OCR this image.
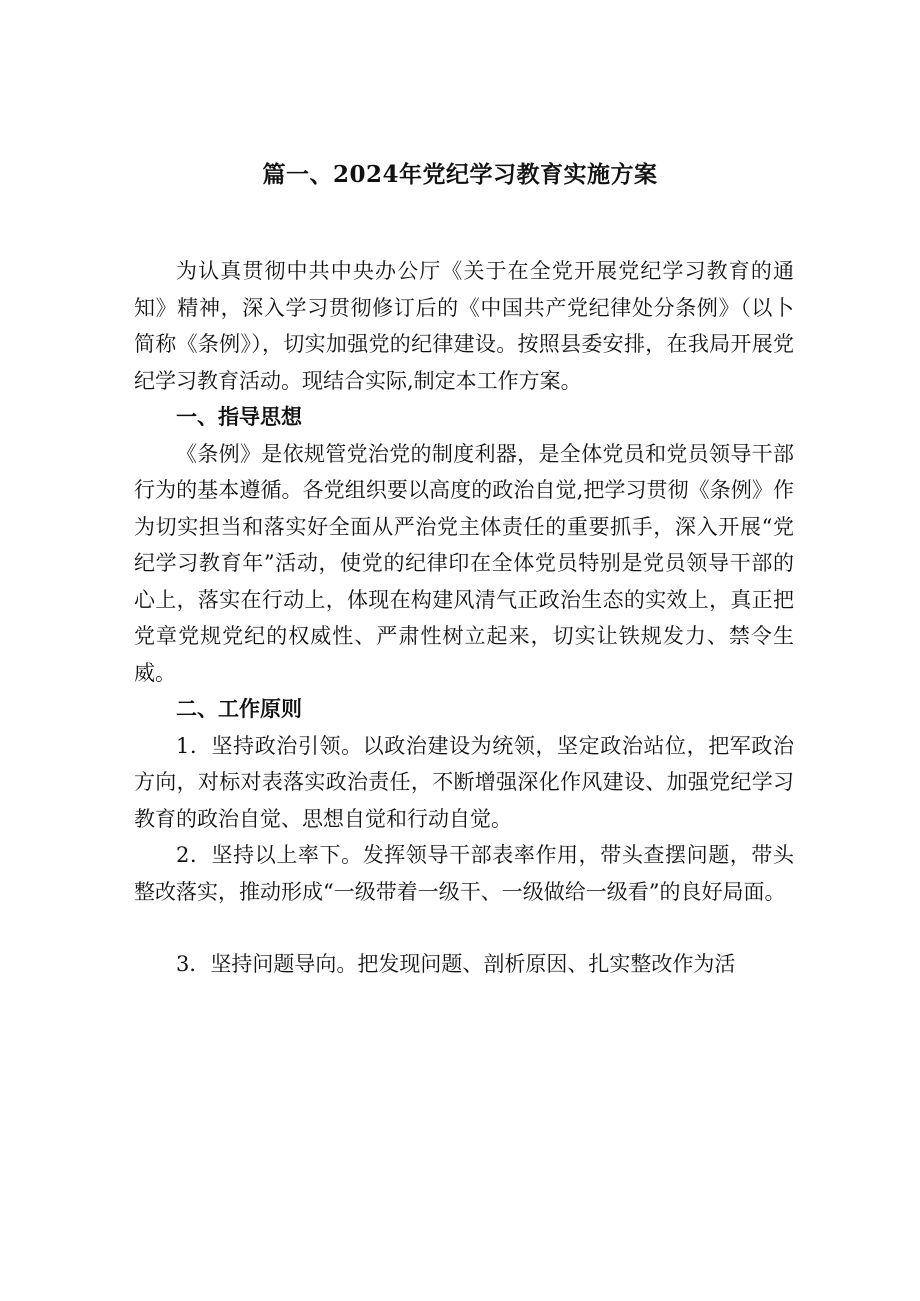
篇一、2024年党纪学习教育实施方案

为认真贯彻中共中央办公厅《关于在全党开展党纪学习教育的通知》精神，深入学习贯彻修订后的《中国共产党纪律处分条例》（以卜简称《条例》），切实加强党的纪律建设。按照县委安排，在我局开展党纪学习教育活动。现结合实际,制定本工作方案。

一、指导思想

《条例》是依规管党治党的制度利器，是全体党员和党员领导干部行为的基本遵循。各党组织要以高度的政治自觉,把学习贯彻《条例》作为切实担当和落实好全面从严治党主体责任的重要抓手，深入开展“党纪学习教育年”活动，使党的纪律印在全体党员特别是党员领导干部的心上，落实在行动上，体现在构建风清气正政治生态的实效上，真正把党章党规党纪的权威性、严肃性树立起来，切实让铁规发力、禁令生威。

二、工作原则

1．坚持政治引领。以政治建设为统领，坚定政治站位，把军政治方向，对标对表落实政治责任，不断增强深化作风建设、加强党纪学习教育的政治自觉、思想自觉和行动自觉。

2．坚持以上率下。发挥领导干部表率作用，带头查摆问题，带头整改落实，推动形成“一级带着一级干、一级做给一级看”的良好局面。

3．坚持问题导向。把发现问题、剖析原因、扎实整改作为活
